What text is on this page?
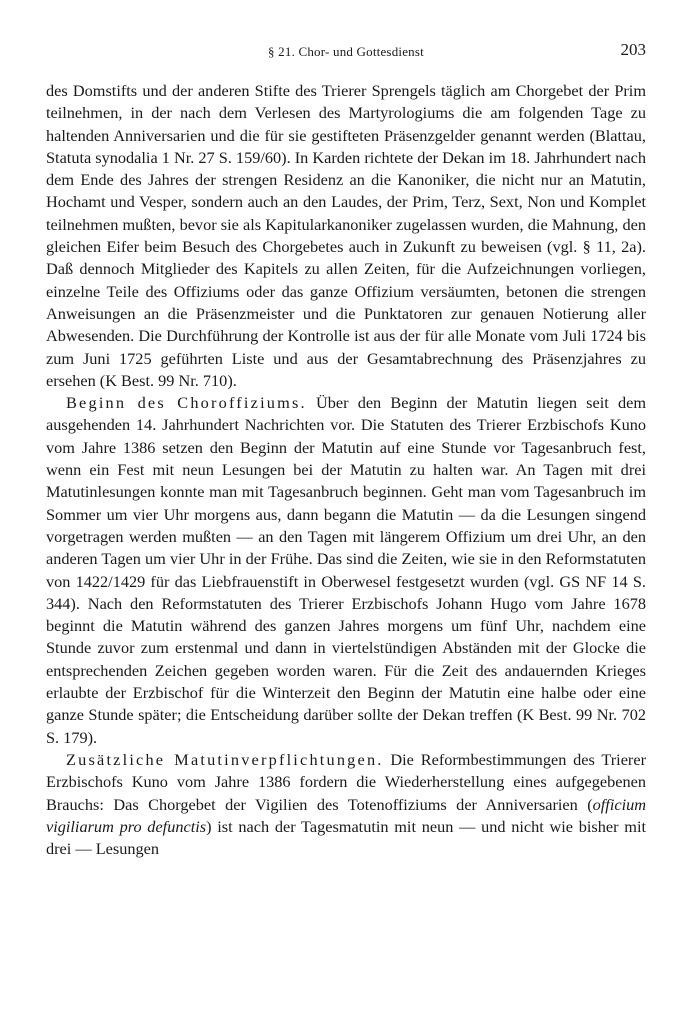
§ 21. Chor- und Gottesdienst	203

des Domstifts und der anderen Stifte des Trierer Sprengels täglich am Chorgebet der Prim teilnehmen, in der nach dem Verlesen des Martyrologiums die am folgenden Tage zu haltenden Anniversarien und die für sie gestifteten Präsenzgelder genannt werden (Blattau, Statuta synodalia 1 Nr. 27 S. 159/60). In Karden richtete der Dekan im 18. Jahrhundert nach dem Ende des Jahres der strengen Residenz an die Kanoniker, die nicht nur an Matutin, Hochamt und Vesper, sondern auch an den Laudes, der Prim, Terz, Sext, Non und Komplet teilnehmen mußten, bevor sie als Kapitularkanoniker zugelassen wurden, die Mahnung, den gleichen Eifer beim Besuch des Chorgebetes auch in Zukunft zu beweisen (vgl. § 11, 2a). Daß dennoch Mitglieder des Kapitels zu allen Zeiten, für die Aufzeichnungen vorliegen, einzelne Teile des Offiziums oder das ganze Offizium versäumten, betonen die strengen Anweisungen an die Präsenzmeister und die Punktatoren zur genauen Notierung aller Abwesenden. Die Durchführung der Kontrolle ist aus der für alle Monate vom Juli 1724 bis zum Juni 1725 geführten Liste und aus der Gesamtabrechnung des Präsenzjahres zu ersehen (K Best. 99 Nr. 710).

Beginn des Choroffiziums. Über den Beginn der Matutin liegen seit dem ausgehenden 14. Jahrhundert Nachrichten vor. Die Statuten des Trierer Erzbischofs Kuno vom Jahre 1386 setzen den Beginn der Matutin auf eine Stunde vor Tagesanbruch fest, wenn ein Fest mit neun Lesungen bei der Matutin zu halten war. An Tagen mit drei Matutinlesungen konnte man mit Tagesanbruch beginnen. Geht man vom Tagesanbruch im Sommer um vier Uhr morgens aus, dann begann die Matutin — da die Lesungen singend vorgetragen werden mußten — an den Tagen mit längerem Offizium um drei Uhr, an den anderen Tagen um vier Uhr in der Frühe. Das sind die Zeiten, wie sie in den Reformstatuten von 1422/1429 für das Liebfrauenstift in Oberwesel festgesetzt wurden (vgl. GS NF 14 S. 344). Nach den Reformstatuten des Trierer Erzbischofs Johann Hugo vom Jahre 1678 beginnt die Matutin während des ganzen Jahres morgens um fünf Uhr, nachdem eine Stunde zuvor zum erstenmal und dann in viertelstündigen Abständen mit der Glocke die entsprechenden Zeichen gegeben worden waren. Für die Zeit des andauernden Krieges erlaubte der Erzbischof für die Winterzeit den Beginn der Matutin eine halbe oder eine ganze Stunde später; die Entscheidung darüber sollte der Dekan treffen (K Best. 99 Nr. 702 S. 179).

Zusätzliche Matutinverpflichtungen. Die Reformbestimmungen des Trierer Erzbischofs Kuno vom Jahre 1386 fordern die Wiederherstellung eines aufgegebenen Brauchs: Das Chorgebet der Vigilien des Totenoffiziums der Anniversarien (officium vigiliarum pro defunctis) ist nach der Tagesmatutin mit neun — und nicht wie bisher mit drei — Lesungen
